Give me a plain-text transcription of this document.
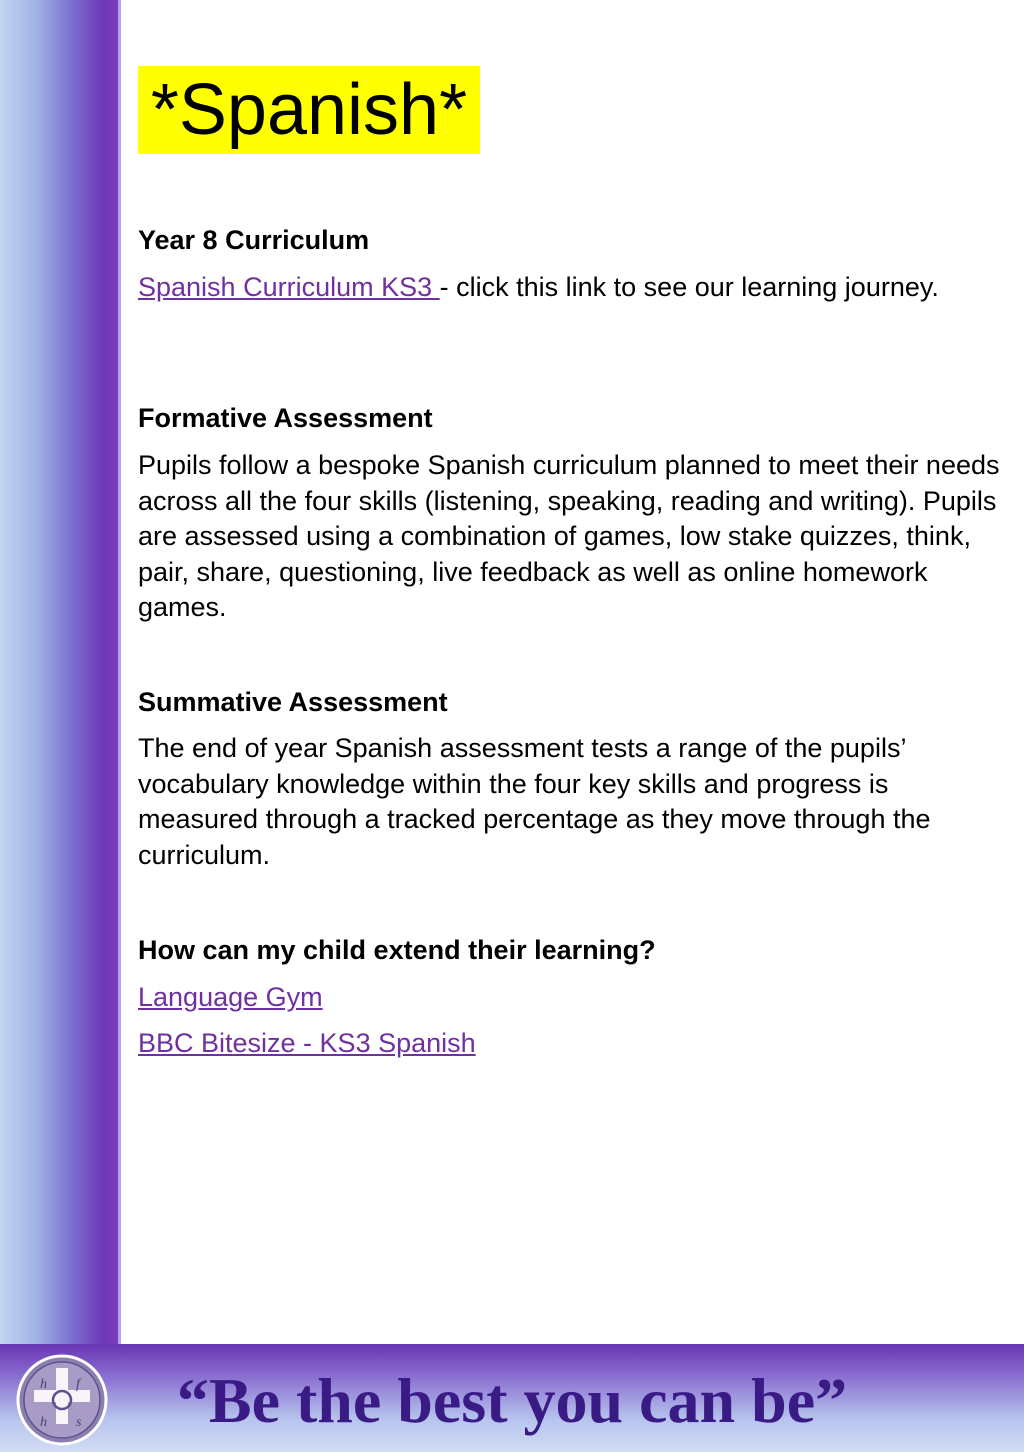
*Spanish*
Year 8 Curriculum
Spanish Curriculum KS3 - click this link to see our learning journey.
Formative Assessment
Pupils follow a bespoke Spanish curriculum planned to meet their needs across all the four skills (listening, speaking, reading and writing). Pupils are assessed using a combination of games, low stake quizzes, think, pair, share, questioning, live feedback as well as online homework games.
Summative Assessment
The end of year Spanish assessment tests a range of the pupils’ vocabulary knowledge within the four key skills and progress is measured through a tracked percentage as they move through the curriculum.
How can my child extend their learning?
Language Gym
BBC Bitesize - KS3 Spanish
h f
h s	“Be the best you can be”
